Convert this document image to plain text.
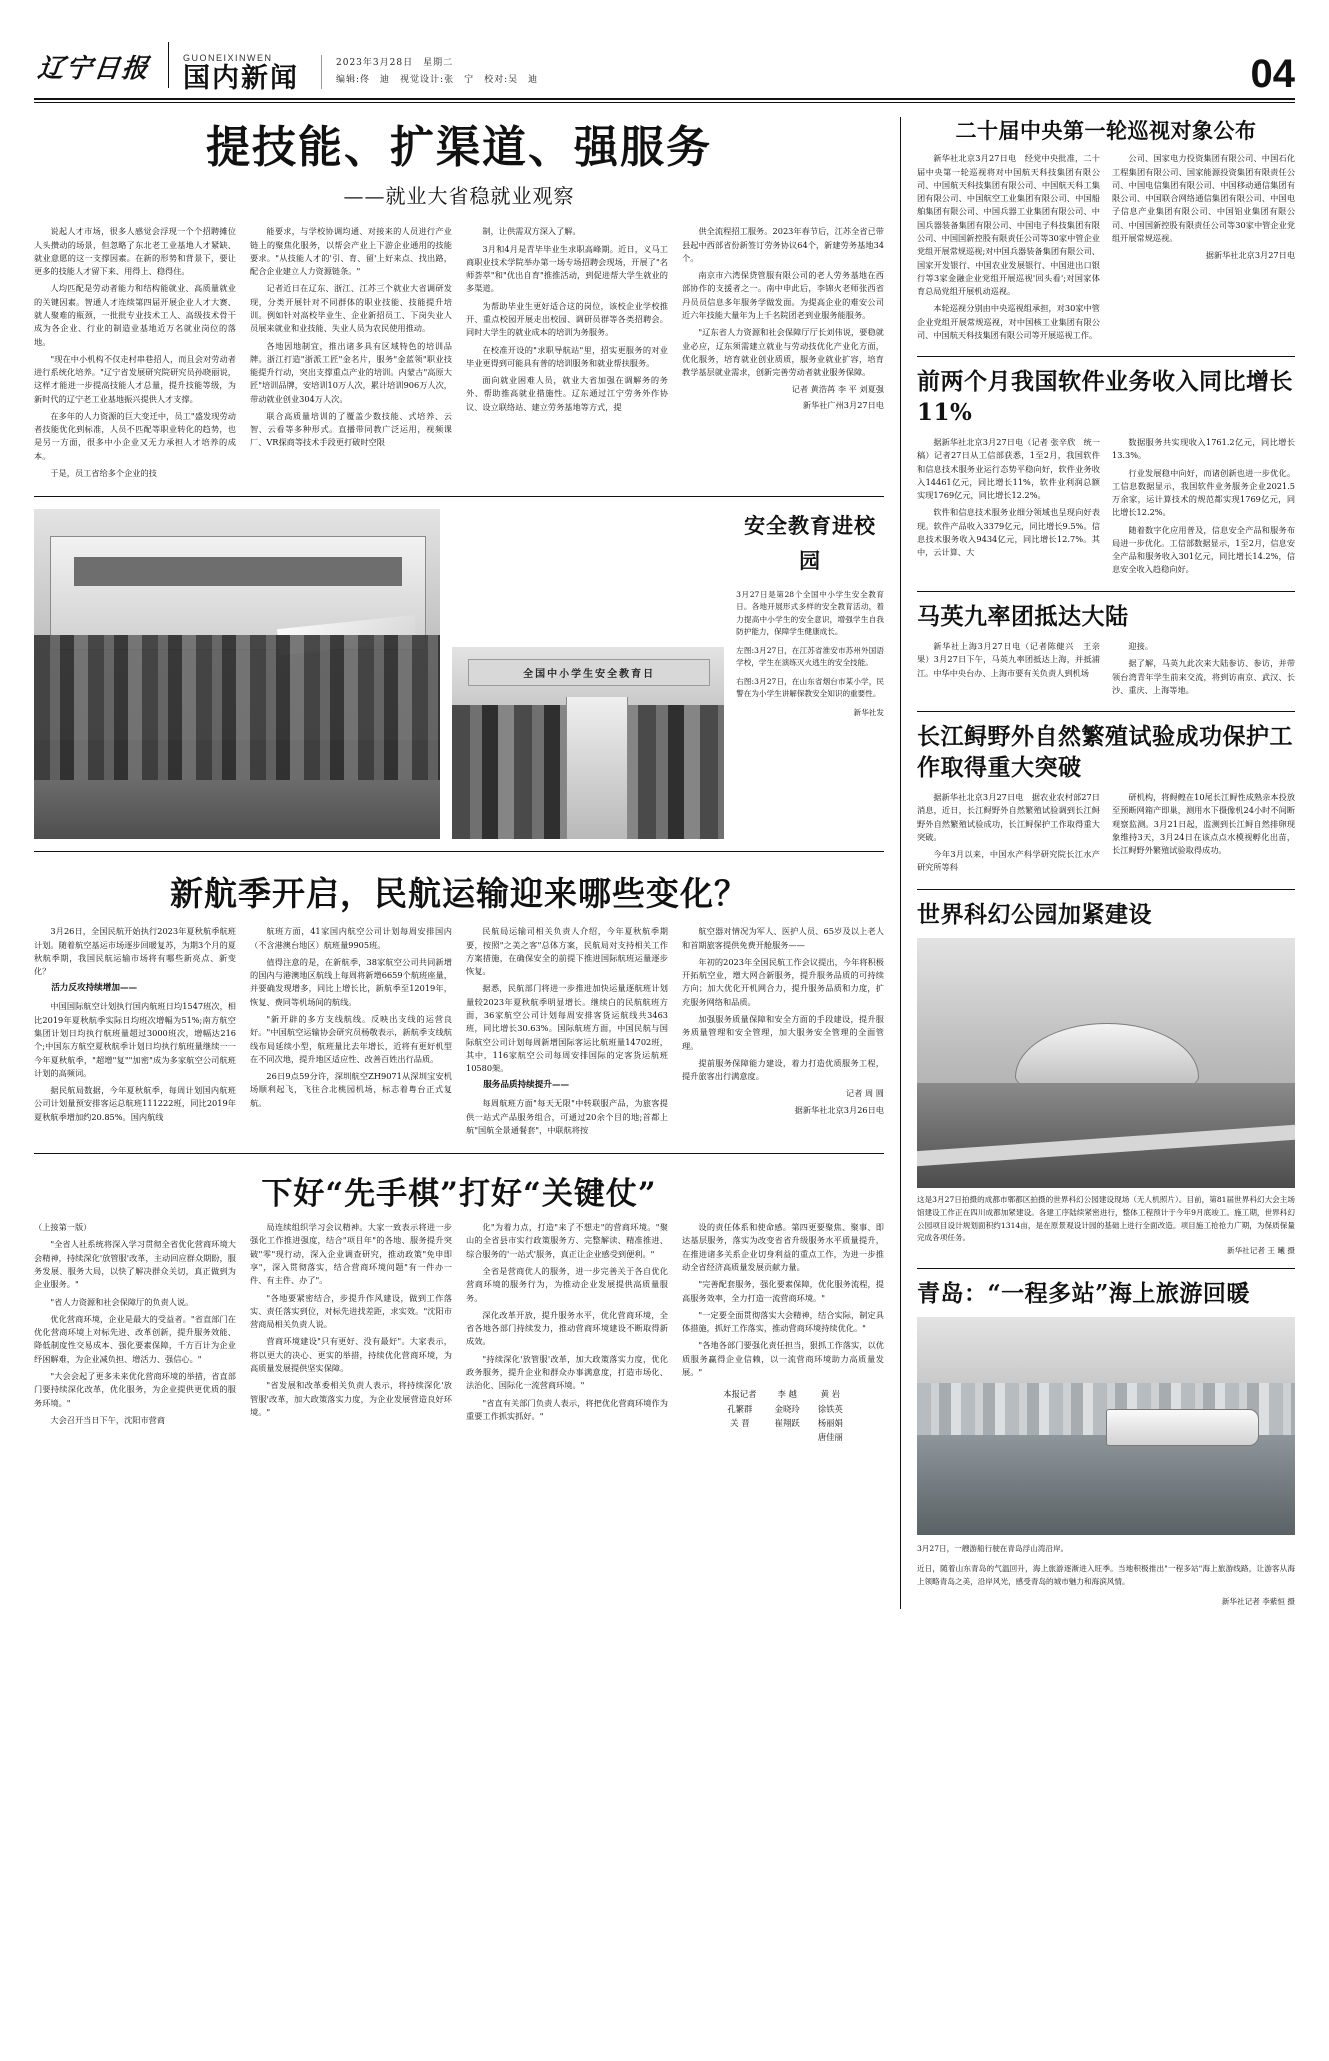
辽宁日报	GUONEIXINWEN
国内新闻
2023年3月28日　星期二
编辑:佟　迪　视觉设计:张　宁　校对:吴　迪	04
提技能、扩渠道、强服务
——就业大省稳就业观察

说起人才市场，很多人感觉会浮现一个个招聘摊位人头攒动的场景，但忽略了东北老工业基地人才紧缺、就业意愿的这一支撑因素。在新的形势和背景下，要让更多的技能人才留下来、用得上、稳得住。

人均匹配是劳动者能力和结构能就业、高质量就业的关键因素。智通人才连续第四届开展企业人才大赛、就人聚难的瓶颈，一批批专业技术工人、高级技术骨干成为各企业、行业的制造业基地近万名就业岗位的落地。

"现在中小机构不仅走村串巷招人，而且会对劳动者进行系统化培养。"辽宁省发展研究院研究员孙晓丽说，这样才能进一步提高技能人才总量，提升技能等级，为新时代的辽宁老工业基地振兴提供人才支撑。

在多年的人力资源的巨大变迁中，员工"盛发现劳动者技能优化到标准，人员不匹配等职业转化的趋势，也是另一方面，很多中小企业又无力承担人才培养的成本。

于是，员工省给多个企业的技

能要求，与学校协调均通、对接来的人员进行产业链上的聚焦化服务，以帮会产业上下游企业通用的技能要求。"从技能人才的'引、育、留'上好来点、找出路，配合企业建立人力资源链条。"

记者近日在辽东、浙江、江苏三个就业大省调研发现，分类开展针对不同群体的职业技能、技能提升培训。例如针对高校毕业生、企业新招员工、下岗失业人员展来就业和业技能、失业人员为农民使用推动。

各地因地制宜，推出诸多具有区域特色的培训品牌。浙江打造"浙派工匠"金名片，服务"金蓝领"职业技能提升行动，突出支撑重点产业的培训。内蒙古"高原大匠"培训品牌，安培训10万人次，累计培训906万人次，带动就业创业304万人次。

联合高质量培训的了覆盖少数技能、式培养、云智、云看等多种形式。直播带同教广泛运用，视频课厂、VR探商等技术手段更打破时空限

制，让供需双方深入了解。

3月和4月是青毕毕业生求职高峰期。近日，义马工商职业技术学院举办第一场专场招聘会现场，开展了"名师荟萃"和"优出自育"推推活动，到促进帮大学生就业的多渠道。

为帮助毕业生更好适合这的岗位，该校企业学校推开、重点校园开展走出校园、调研员群等各类招聘会。同时大学生的就业成本的培训为务服务。

在校准开设的"求职导航站"里，招实更服务的对业毕业更得到可能具有普的培训服务和就业帮扶服务。

面向就业困难人员，就业大省加强在调解务的务外、帮助推高就业措施性。辽东通过江宁劳务外作协议、设立联络站、建立劳务基地等方式，提

供全流程招工服务。2023年春节后，江苏全省已带县起中西部省份新签订劳务协议64个，新建劳务基地34个。

南京市六湾保贷管服有限公司的老人劳务基地在西部协作的支援者之一。南中申此后，李锦火老师张西省丹员员信息多年服务学做发面。为提高企业的难安公司近六年技能大量年为上千名院团老到业服务能服务。

"辽东省人力资源和社会保障厅厅长刘伟说，要稳就业必应，辽东须需建立就业与劳动技优化产业化方面，优化服务，培育就业创业质质，服务业就业扩容，培育教学基层就业需求，创新完善劳动者就业服务保障。

记者 黄浩苒 李 平 刘夏强
新华社广州3月27日电
全国中小学生安全教育日
安全教育进校园

3月27日是第28个全国中小学生安全教育日。各地开展形式多样的安全教育活动，着力提高中小学生的安全意识，增强学生自我防护能力，保障学生健康成长。

左图:3月27日，在江苏省淮安市苏州外国语学校，学生在演练灭火逃生的安全技能。

右图:3月27日，在山东省烟台市某小学，民警在为小学生讲解保教安全知识的重要性。

新华社发

新航季开启，民航运输迎来哪些变化？

3月26日，全国民航开始执行2023年夏秋航季航班计划。随着航空基运市场逐步回暖复苏，为期3个月的夏秋航季期，我国民航运输市场将有哪些新亮点、新变化？

活力反攻持续增加——

中国国际航空计划执行国内航班日均1547班次，相比2019年夏秋航季实际日均班次增幅为51%;南方航空集团计划日均执行航班量超过3000班次，增幅达216个;中国东方航空夏秋航季计划日均执行航班量继续一一今年夏秋航季，"超增"复""加密"成为多家航空公司航班计划的高频词。

据民航局数据，今年夏秋航季，每周计划国内航班公司计划量预安排客运总航班111222班，同比2019年夏秋航季增加约20.85%。国内航线

航班方面，41家国内航空公司计划每周安排国内（不含港澳台地区）航班量9905班。

值得注意的是，在新航季，38家航空公司共同新增的国内与港澳地区航线上每周将新增6659个航班座量，并要确发现增多，同比上增长比，新航季至12019年，恢复、费同等机场间的航线。

"新开辟的多方支线航线。反映出支线的运营良好。"中国航空运输协会研究员杨敬表示，新航季支线航线布局延续小型，航班量比去年增长，近将有更好机型在不同次地，提升地区适应性、改善百姓出行品质。

26日9点59分许，深圳航空ZH9071从深圳宝安机场顺利起飞，飞往合北桃园机场，标志着粤台正式复航。

民航局运输司相关负责人介绍，今年夏秋航季期要，按照"之美之客"总体方案，民航局对支持相关工作方案措施，在确保安全的前提下推进国际航班运量逐步恢复。

据悉，民航部门将进一步推进加快运量逐航班计划量较2023年夏秋航季明显增长。继续白的民航航班方面，36家航空公司计划每周安排客货运航线共3463班，同比增长30.63%。国际航班方面，中国民航与国际航空公司计划每周新增国际客运比航班量14702班，其中，116家航空公司每周安排国际的定客货运航班10580架。

服务品质持续提升——

每周航班方面"每天无限"中转联服产品，为旅客提供一站式产品服务组合，可通过20余个目的地;首都上航"国航全景通餐套"，中联航将按

航空器对情况为军人、医护人员、65岁及以上老人和首期旅客提供免费开舱服务——

年初的2023年全国民航工作会议提出，今年将积极开拓航空业，增大网合新服务，提升服务品质的可持续方向；加大优化开机网合力，提升服务品质和力度，扩充服务网络和品质。

加强服务质量保障和安全方面的手段建设，提升服务质量管理和安全管理，加大服务安全管理的全面管理。

提前服务保障能力建设，着力打造优质服务工程，提升旅客出行满意度。

记者 周 圆
据新华社北京3月26日电
下好“先手棋”打好“关键仗”
（上接第一版）

"全省人社系统将深入学习贯彻全省优化营商环境大会精神，持续深化'放管服'改革，主动回应群众期盼，服务发展、服务大局，以快了解决群众关切，真正做到为企业服务。"

"省人力资源和社会保障厅的负责人说。

优化营商环境，企业是最大的受益者。"省直部门在优化营商环境上对标先进、改革创新，提升服务效能、降低制度性交易成本、强化要素保障，千方百计为企业纾困解难，为企业减负担、增活力、强信心。"

"大会会起了更多未来优化营商环境的举措，省直部门要持续深化改革，优化服务，为企业提供更优质的服务环境。"

大会召开当日下午，沈阳市营商

局连续组织学习会议精神。大家一致表示将进一步强化工作推进强度，结合"项目年"的各地、服务提升突破"零"现行动，深入企业调查研究，推动政策"免申即享"，深入贯彻落实，结合营商环境问题"有一件办一件、有主件、办了"。

"各地要紧密结合，步提升作风建设，做到工作落实、责任落实到位，对标先进找差距，求实效。"沈阳市营商局相关负责人说。

营商环境建设"只有更好、没有最好"。大家表示，将以更大的决心、更实的举措，持续优化营商环境，为高质量发展提供坚实保障。

"省发展和改革委相关负责人表示，将持续深化'放管服'改革，加大政策落实力度，为企业发展营造良好环境。"

化"为着力点，打造"来了不想走"的营商环境。"聚山的全省县市实行政策服务方、完整解读、精准推进、综合服务的'一站式'服务，真正让企业感受到便利。"

全省是营商优人的服务，进一步完善关于各自优化营商环境的服务行为，为推动企业发展提供高质量服务。

深化改革开放，提升服务水平，优化营商环境，全省各地各部门持续发力，推动营商环境建设不断取得新成效。

"持续深化'放管服'改革，加大政策落实力度，优化政务服务，提升企业和群众办事满意度，打造市场化、法治化、国际化一流营商环境。"

"省直有关部门负责人表示，将把优化营商环境作为重要工作抓实抓好。"

设的责任体系和使命感。第四更要聚焦、聚事、即达基层服务，落实为改变省省升级服务水平质量提升，在推进诸多关系企业切身利益的重点工作，为进一步推动全省经济高质量发展贡献力量。

"完善配套服务，强化要素保障，优化服务流程，提高服务效率，全力打造一流营商环境。"

"一定要全面贯彻落实大会精神，结合实际，制定具体措施，抓好工作落实，推动营商环境持续优化。"

"各地各部门要强化责任担当，狠抓工作落实，以优质服务赢得企业信赖，以一流营商环境助力高质量发展。"

本报记者
孔繁群
关 晋
李 越
金晓玲
崔翔跃
黄 岩
徐铁英
杨丽娟
唐佳丽
二十届中央第一轮巡视对象公布

新华社北京3月27日电　经党中央批准，二十届中央第一轮巡视将对中国航天科技集团有限公司、中国航天科技集团有限公司、中国航天科工集团有限公司、中国航空工业集团有限公司、中国船舶集团有限公司、中国兵器工业集团有限公司、中国兵器装备集团有限公司、中国电子科技集团有限公司、中国国新控股有限责任公司等30家中管企业党组开展常规巡视;对中国兵器装备集团有限公司、国家开发银行、中国农业发展银行、中国进出口银行等3家金融企业党组开展巡视'回头看';对国家体育总局党组开展机动巡视。

本轮巡视分别由中央巡视组承担，对30家中管企业党组开展常规巡视，对中国核工业集团有限公司、中国航天科技集团有限公司等开展巡视工作。

公司、国家电力投资集团有限公司、中国石化工程集团有限公司、国家能源投资集团有限责任公司、中国电信集团有限公司、中国移动通信集团有限公司、中国联合网络通信集团有限公司、中国电子信息产业集团有限公司、中国铝业集团有限公司、中国国新控股有限责任公司等30家中管企业党组开展常规巡视。

据新华社北京3月27日电

前两个月我国软件业务收入同比增长11%

据新华社北京3月27日电（记者 张辛欣　统一稿）记者27日从工信部获悉，1至2月，我国软件和信息技术服务业运行态势平稳向好，软件业务收入14461亿元，同比增长11%，软件业利润总额实现1769亿元，同比增长12.2%。

软件和信息技术服务业细分领域也呈现向好表现。软件产品收入3379亿元，同比增长9.5%。信息技术服务收入9434亿元，同比增长12.7%。其中，云计算、大

数据服务共实现收入1761.2亿元，同比增长13.3%。

行业发展稳中向好，而诸创新也进一步优化。工信息数据显示，我国软件业务服务企业2021.5万余家，运计算技术的规范都实现1769亿元，同比增长12.2%。

随着数字化应用普及，信息安全产品和服务布局进一步优化。工信部数据显示，1至2月，信息安全产品和服务收入301亿元，同比增长14.2%，信息安全收入趋稳向好。

马英九率团抵达大陆

新华社上海3月27日电（记者陈健兴　王亲果）3月27日下午，马英九率团抵达上海，并抵浦江。中华中央台办、上海市要有关负责人到机场

迎接。

据了解，马英九此次来大陆参访、参访，并带领台湾青年学生前来交流，将到访南京、武汉、长沙、重庆、上海等地。

长江鲟野外自然繁殖试验成功保护工作取得重大突破

据新华社北京3月27日电　据农业农村部27日消息，近日，长江鲟野外自然繁殖试验调到长江鲟野外自然繁殖试验成功，长江鲟保护工作取得重大突破。

今年3月以来，中国水产科学研究院长江水产研究所等科

研机构，将鲟鳇在10尾长江鲟性成熟亲本投放至预断网箱产即巢，测用水下摄像机24小时不间断观察监测。3月21日起，监测到长江鲟自然排卵现象维持3天，3月24日在该点点水模视孵化出苗，长江鲟野外繁殖试验取得成功。

世界科幻公园加紧建设
这是3月27日拍摄的成都市郫都区拍摄的世界科幻公园建设现场（无人机照片）。目前，第81届世界科幻大会主场馆建设工作正在四川成都加紧建设。各建工序陆续紧密进行，整体工程预计于今年9月底竣工。施工期，世界科幻公园项目设计规划面积约1314亩，是在原景观设计园的基础上进行全面改造。项目施工抢抢力广期，为保质保量完成各项任务。
新华社记者 王 曦 摄
青岛：“一程多站”海上旅游回暖

3月27日，一艘游船行驶在青岛浮山湾沿岸。

近日，随着山东青岛的气温回升，海上旅游逐渐进入旺季。当地积极推出"一程多站"海上旅游线路，让游客从海上领略青岛之美，沿岸风光，感受青岛的城市魅力和海滨风情。

新华社记者 李紫恒 摄
